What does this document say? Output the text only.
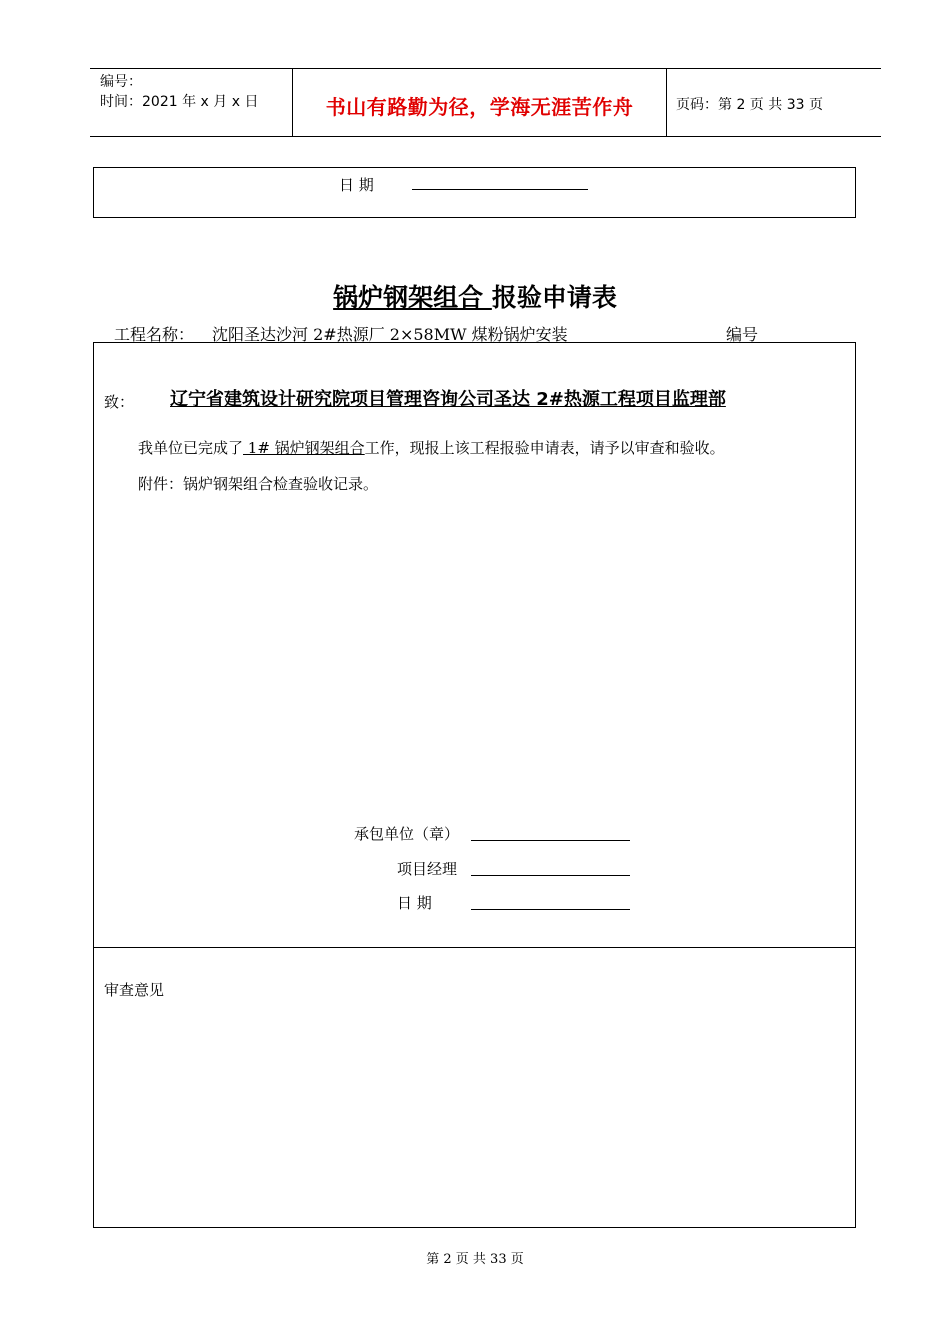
编号：
时间：2021 年 x 月 x 日	书山有路勤为径，学海无涯苦作舟	页码：第 2 页 共 33 页
日 期
锅炉钢架组合 报验申请表
工程名称： 沈阳圣达沙河 2#热源厂 2×58MW 煤粉锅炉安装	编号
致：	辽宁省建筑设计研究院项目管理咨询公司圣达 2#热源工程项目监理部
我单位已完成了 1# 锅炉钢架组合工作，现报上该工程报验申请表，请予以审查和验收。
附件：锅炉钢架组合检查验收记录。
承包单位（章）
项目经理
日 期
审查意见
第 2 页 共 33 页
